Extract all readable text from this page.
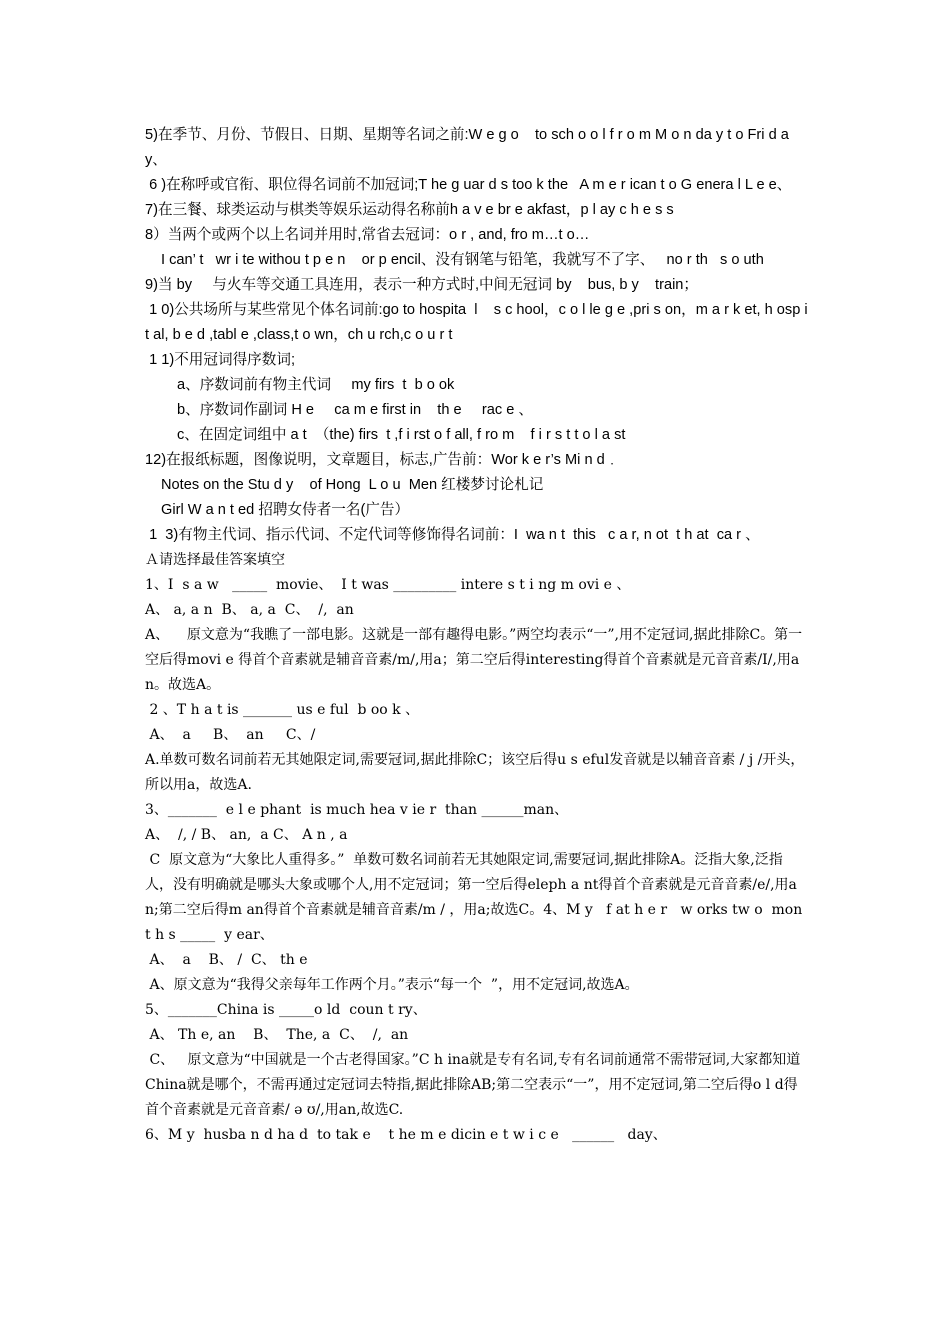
5)在季节、月份、节假日、日期、星期等名词之前:W e g o    to sch o o l f r o m M o n da y t o Fri d a y、

6 )在称呼或官衔、职位得名词前不加冠词;T he g uar d s too k the   A m e r ican t o G enera l L e e、

7)在三餐、球类运动与棋类等娱乐运动得名称前h a v e br e akfast，p l ay c h e s s

8）当两个或两个以上名词并用时,常省去冠词：o r , and, fro m…t o…

I can’ t   wr i te withou t p e n    or p encil、没有钢笔与铅笔，我就写不了字、   no r th   s o uth

9)当 by     与火车等交通工具连用，表示一种方式时,中间无冠词 by    bus, b y    train；

1 0)公共场所与某些常见个体名词前:go to hospita  l    s c hool，c o l le g e ,pri s on，m a r k et, h osp i t al, b e d ,tabl e ,class,t o wn，ch u rch,c o u r t

1 1)不用冠词得序数词;

a、序数词前有物主代词     my firs  t  b o ok

b、序数词作副词 H e     ca m e first in    th e     rac e 、

c、在固定词组中 a t  （the) firs  t ,f i rst o f all, f ro m    f i r s t t o l a st

12)在报纸标题，图像说明，文章题目，标志,广告前：Wor k e r’s Mi n d﹒

Notes on the Stu d y    of Hong  L o u  Men 红楼梦讨论札记

Girl W a n t ed 招聘女侍者一名(广告）

1  3)有物主代词、指示代词、不定代词等修饰得名词前：I  wa n t  this   c a r, n ot  t h at  ca r 、

Ａ请选择最佳答案填空

1、I  s a w   _____  movie、  I t was _________ intere s t i ng m ovi e 、

A、 a, a n  B、 a, a  C、  /,  an

A、    原文意为“我瞧了一部电影。这就是一部有趣得电影。”两空均表示“一”,用不定冠词,据此排除C。第一空后得movi e 得首个音素就是辅音音素/m/,用a；第二空后得interesting得首个音素就是元音音素/I/,用a n。故选A。

2 、T h a t is _______ us e ful  b oo k 、

A、  a     B、  an     C、/

A.单数可数名词前若无其她限定词,需要冠词,据此排除C；该空后得u s eful发音就是以辅音音素 / j /开头，所以用a，故选A.

3、_______  e l e phant  is much hea v ie r  than ______man、

A、  /, / B、 an,  a C、 A n , a

C  原文意为“大象比人重得多。”  单数可数名词前若无其她限定词,需要冠词,据此排除A。泛指大象,泛指人，没有明确就是哪头大象或哪个人,用不定冠词；第一空后得eleph a nt得首个音素就是元音音素/e/,用an;第二空后得m an得首个音素就是辅音音素/m / ，用a;故选C。4、M y   f at h e r   w orks tw o  mon t h s _____  y ear、

A、  a    B、 /  C、 th e

A、原文意为“我得父亲每年工作两个月。”表示“每一个  ”，用不定冠词,故选A。

5、_______China is _____o ld  coun t ry、

A、 Th e, an    B、  The, a  C、  /,  an

C、   原文意为“中国就是一个古老得国家。”C h ina就是专有名词,专有名词前通常不需带冠词,大家都知道China就是哪个，不需再通过定冠词去特指,据此排除AB;第二空表示“一”，用不定冠词,第二空后得o l d得首个音素就是元音音素/ ə ʊ/,用an,故选C.

6、M y  husba n d ha d  to tak e    t he m e dicin e t w i c e   ______   day、
